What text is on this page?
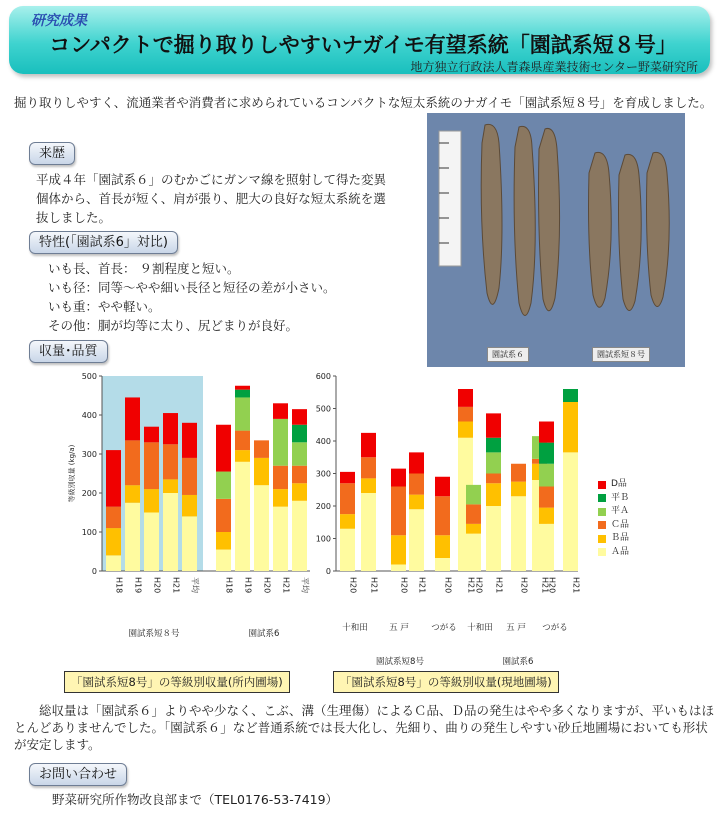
研究成果
コンパクトで掘り取りしやすいナガイモ有望系統「園試系短８号」
地方独立行政法人青森県産業技術センター野菜研究所
掘り取りしやすく、流通業者や消費者に求められているコンパクトな短太系統のナガイモ「園試系短８号」を育成しました。
来歴
平成４年「園試系６」のむかごにガンマ線を照射して得た変異個体から、首長が短く、肩が張り、肥大の良好な短太系統を選抜しました。
特性(「園試系6」対比)
いも長、首長： ９割程度と短い。
いも径：同等～やや細い長径と短径の差が小さい。
いも重：やや軽い。
その他：胴が均等に太り、尻どまりが良好。
園試系６	園試系短８号
収量･品質
0
100
200
300
400
500
等級別収量 (kg/a)
H18 H19 H20 H21 平均	H18 H19 H20 H21 平均
園試系短８号	園試系6
0
100
200
300
400
500
600
H20 H21	H20 H21 H20 H21 H20 H21 H20 H21
H20 H21
十和田	五 戸	つがる 十和田 五 戸 つがる
園試系短8号	園試系6
D品
平Ｂ
平Ａ
Ｃ品
Ｂ品
Ａ品
「園試系短8号」の等級別収量(所内圃場)	「園試系短8号」の等級別収量(現地圃場)
総収量は「園試系６」よりやや少なく、こぶ、溝（生理傷）によるＣ品、Ｄ品の発生はやや多くなりますが、平いもはほとんどありませんでした。「園試系６」など普通系統では長大化し、先細り、曲りの発生しやすい砂丘地圃場においても形状が安定します。
お問い合わせ
野菜研究所作物改良部まで（TEL0176-53-7419）
